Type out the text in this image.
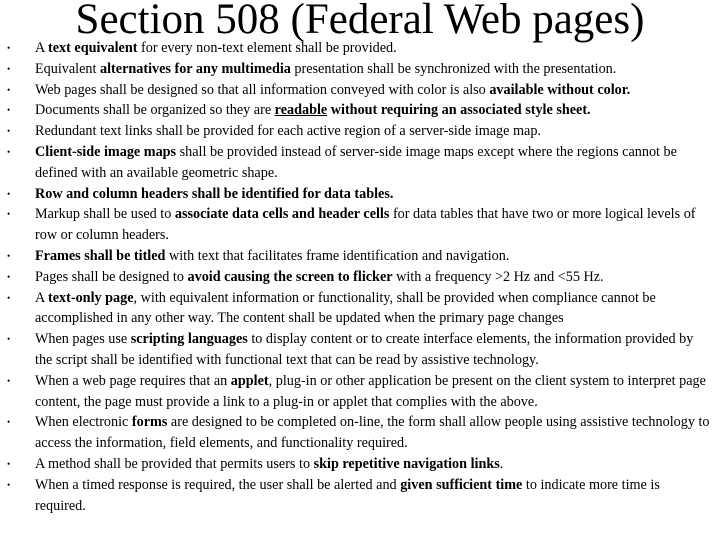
Section 508 (Federal Web pages)
•	A text equivalent for every non-text element shall be provided.
•	Equivalent alternatives for any multimedia presentation shall be synchronized with the presentation.
•	Web pages shall be designed so that all information conveyed with color is also available without color.
•	Documents shall be organized so they are readable without requiring an associated style sheet.
•	Redundant text links shall be provided for each active region of a server-side image map.
•	Client-side image maps shall be provided instead of server-side image maps except where the regions cannot be defined with an available geometric shape.
•	Row and column headers shall be identified for data tables.
•	Markup shall be used to associate data cells and header cells for data tables that have two or more logical levels of row or column headers.
•	Frames shall be titled with text that facilitates frame identification and navigation.
•	Pages shall be designed to avoid causing the screen to flicker with a frequency >2 Hz and <55 Hz.
•	A text-only page, with equivalent information or functionality, shall be provided when compliance cannot be accomplished in any other way. The content shall be updated when the primary page changes
•	When pages use scripting languages to display content or to create interface elements, the information provided by the script shall be identified with functional text that can be read by assistive technology.
•	When a web page requires that an applet, plug-in or other application be present on the client system to interpret page content, the page must provide a link to a plug-in or applet that complies with the above.
•	When electronic forms are designed to be completed on-line, the form shall allow people using assistive technology to access the information, field elements, and functionality required.
•	A method shall be provided that permits users to skip repetitive navigation links.
•	When a timed response is required, the user shall be alerted and given sufficient time to indicate more time is required.
